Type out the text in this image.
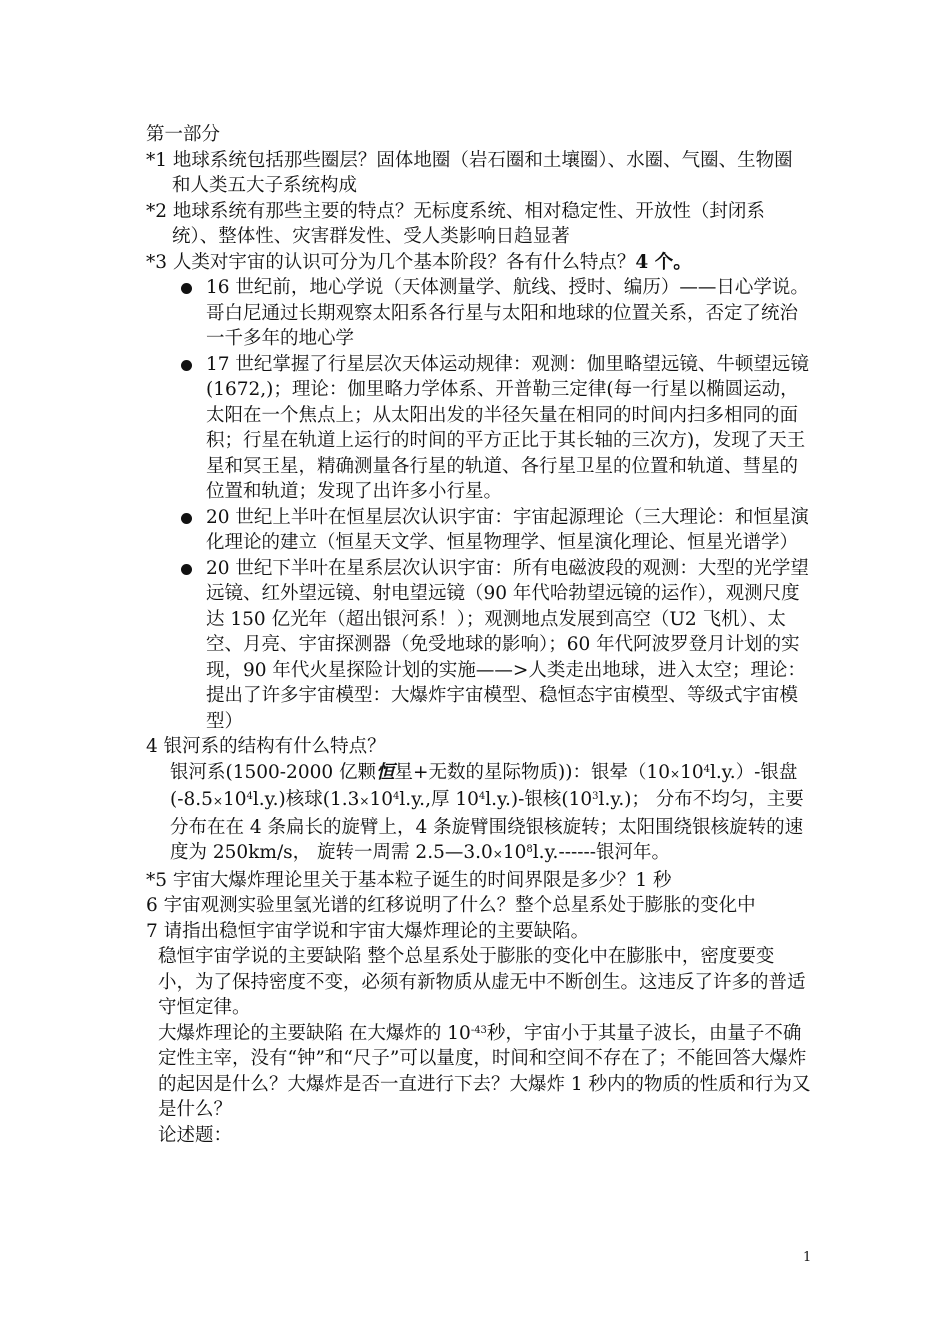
第一部分

*1 地球系统包括那些圈层？固体地圈（岩石圈和土壤圈）、水圈、气圈、生物圈和人类五大子系统构成

*2 地球系统有那些主要的特点？无标度系统、相对稳定性、开放性（封闭系统）、整体性、灾害群发性、受人类影响日趋显著

*3 人类对宇宙的认识可分为几个基本阶段？各有什么特点？4 个。

16 世纪前，地心学说（天体测量学、航线、授时、编历）——日心学说。哥白尼通过长期观察太阳系各行星与太阳和地球的位置关系，否定了统治一千多年的地心学
17 世纪掌握了行星层次天体运动规律：观测：伽里略望远镜、牛顿望远镜(1672,)；理论：伽里略力学体系、开普勒三定律(每一行星以椭圆运动，太阳在一个焦点上；从太阳出发的半径矢量在相同的时间内扫多相同的面积；行星在轨道上运行的时间的平方正比于其长轴的三次方)，发现了天王星和冥王星，精确测量各行星的轨道、各行星卫星的位置和轨道、彗星的位置和轨道；发现了出许多小行星。
20 世纪上半叶在恒星层次认识宇宙：宇宙起源理论（三大理论：和恒星演化理论的建立（恒星天文学、恒星物理学、恒星演化理论、恒星光谱学）
20 世纪下半叶在星系层次认识宇宙：所有电磁波段的观测：大型的光学望远镜、红外望远镜、射电望远镜（90 年代哈勃望远镜的运作），观测尺度达 150 亿光年（超出银河系！）；观测地点发展到高空（U2 飞机）、太空、月亮、宇宙探测器（免受地球的影响）；60 年代阿波罗登月计划的实现，90 年代火星探险计划的实施——>人类走出地球，进入太空；理论：提出了许多宇宙模型：大爆炸宇宙模型、稳恒态宇宙模型、等级式宇宙模型）

4 银河系的结构有什么特点？

银河系(1500-2000 亿颗恒星+无数的星际物质))：银晕$(10\times 10^4l.y.)-$银盘$(-8.5\times 10^4l.y.)$核球($1.3\times 10^4l.y$.,厚 $10^4l.y.)-$银核$(10^3l.y.)$； 分布不均匀，主要分布在在 4 条扁长的旋臂上，4 条旋臂围绕银核旋转；太阳围绕银核旋转的速度为 250km/s， 旋转一周需 $2.5—3.0\times 10^8l.y.------$银河年。

*5 宇宙大爆炸理论里关于基本粒子诞生的时间界限是多少？1 秒

6 宇宙观测实验里氢光谱的红移说明了什么？整个总星系处于膨胀的变化中

7 请指出稳恒宇宙学说和宇宙大爆炸理论的主要缺陷。

稳恒宇宙学说的主要缺陷 整个总星系处于膨胀的变化中在膨胀中，密度要变小，为了保持密度不变，必须有新物质从虚无中不断创生。这违反了许多的普适守恒定律。

大爆炸理论的主要缺陷 在大爆炸的 $10^{-43}$秒，宇宙小于其量子波长，由量子不确定性主宰，没有“钟”和“尺子”可以量度，时间和空间不存在了；不能回答大爆炸的起因是什么？大爆炸是否一直进行下去？大爆炸 1 秒内的物质的性质和行为又是什么？

论述题：

1
